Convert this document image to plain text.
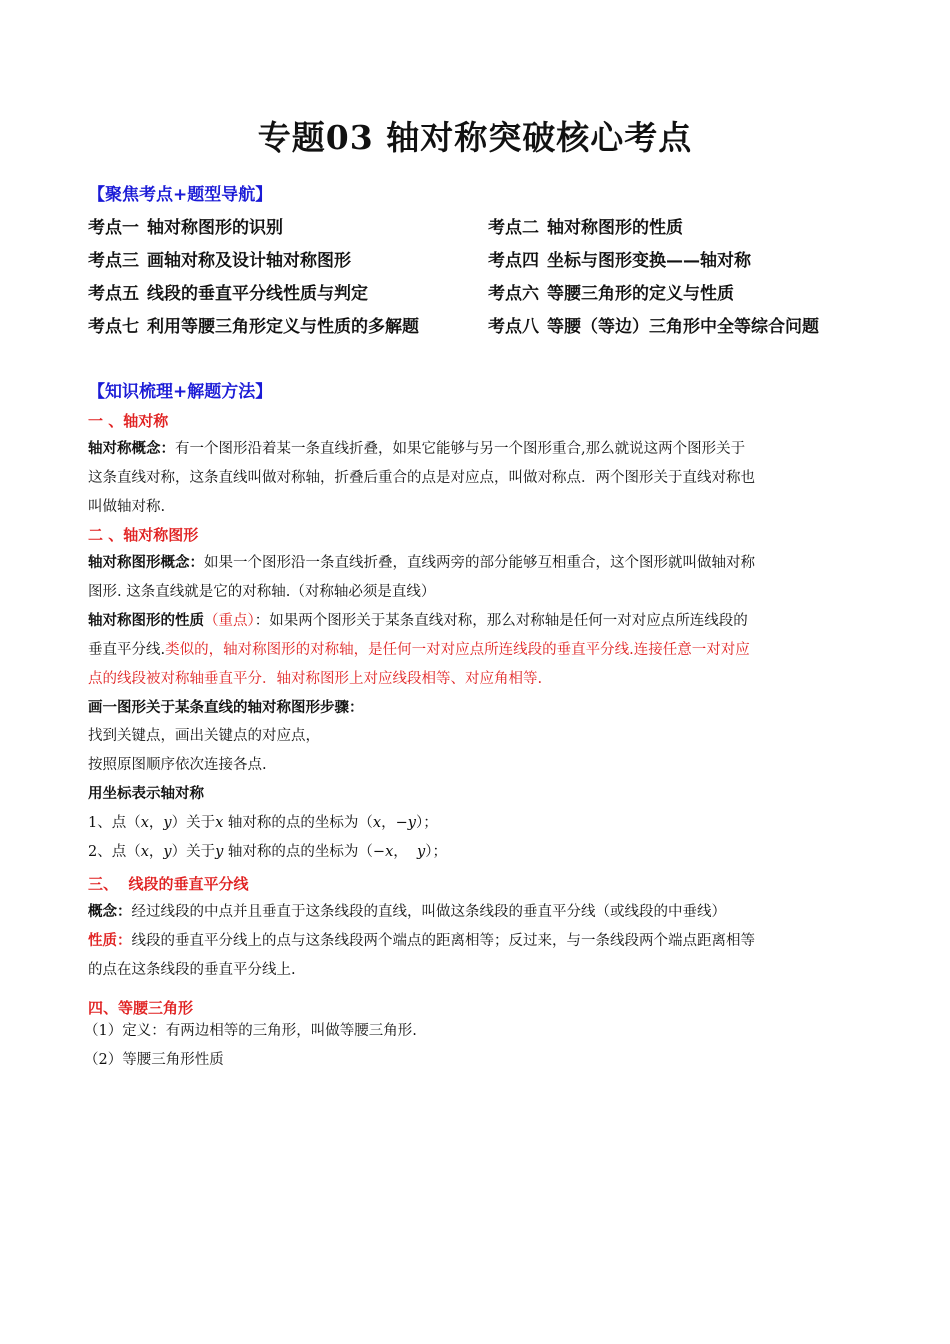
专题03 轴对称突破核心考点
【聚焦考点+题型导航】
考点一 轴对称图形的识别	考点二 轴对称图形的性质
考点三 画轴对称及设计轴对称图形	考点四 坐标与图形变换——轴对称
考点五 线段的垂直平分线性质与判定	考点六 等腰三角形的定义与性质
考点七 利用等腰三角形定义与性质的多解题	考点八 等腰（等边）三角形中全等综合问题
【知识梳理+解题方法】
一 、轴对称
轴对称概念：有一个图形沿着某一条直线折叠，如果它能够与另一个图形重合,那么就说这两个图形关于
这条直线对称，这条直线叫做对称轴，折叠后重合的点是对应点，叫做对称点．两个图形关于直线对称也
叫做轴对称.
二 、轴对称图形
轴对称图形概念：如果一个图形沿一条直线折叠，直线两旁的部分能够互相重合，这个图形就叫做轴对称
图形. 这条直线就是它的对称轴.（对称轴必须是直线）
轴对称图形的性质（重点）：如果两个图形关于某条直线对称，那么对称轴是任何一对对应点所连线段的
垂直平分线.类似的，轴对称图形的对称轴，是任何一对对应点所连线段的垂直平分线.连接任意一对对应
点的线段被对称轴垂直平分．轴对称图形上对应线段相等、对应角相等.
画一图形关于某条直线的轴对称图形步骤：
找到关键点，画出关键点的对应点，
按照原图顺序依次连接各点.
用坐标表示轴对称
1、点（x，y）关于x 轴对称的点的坐标为（x，−y）；
2、点（x，y）关于y 轴对称的点的坐标为（−x，  y）；
三、  线段的垂直平分线
概念：经过线段的中点并且垂直于这条线段的直线，叫做这条线段的垂直平分线（或线段的中垂线）
性质：线段的垂直平分线上的点与这条线段两个端点的距离相等；反过来，与一条线段两个端点距离相等
的点在这条线段的垂直平分线上.
四、等腰三角形
（1）定义：有两边相等的三角形，叫做等腰三角形.
（2）等腰三角形性质
